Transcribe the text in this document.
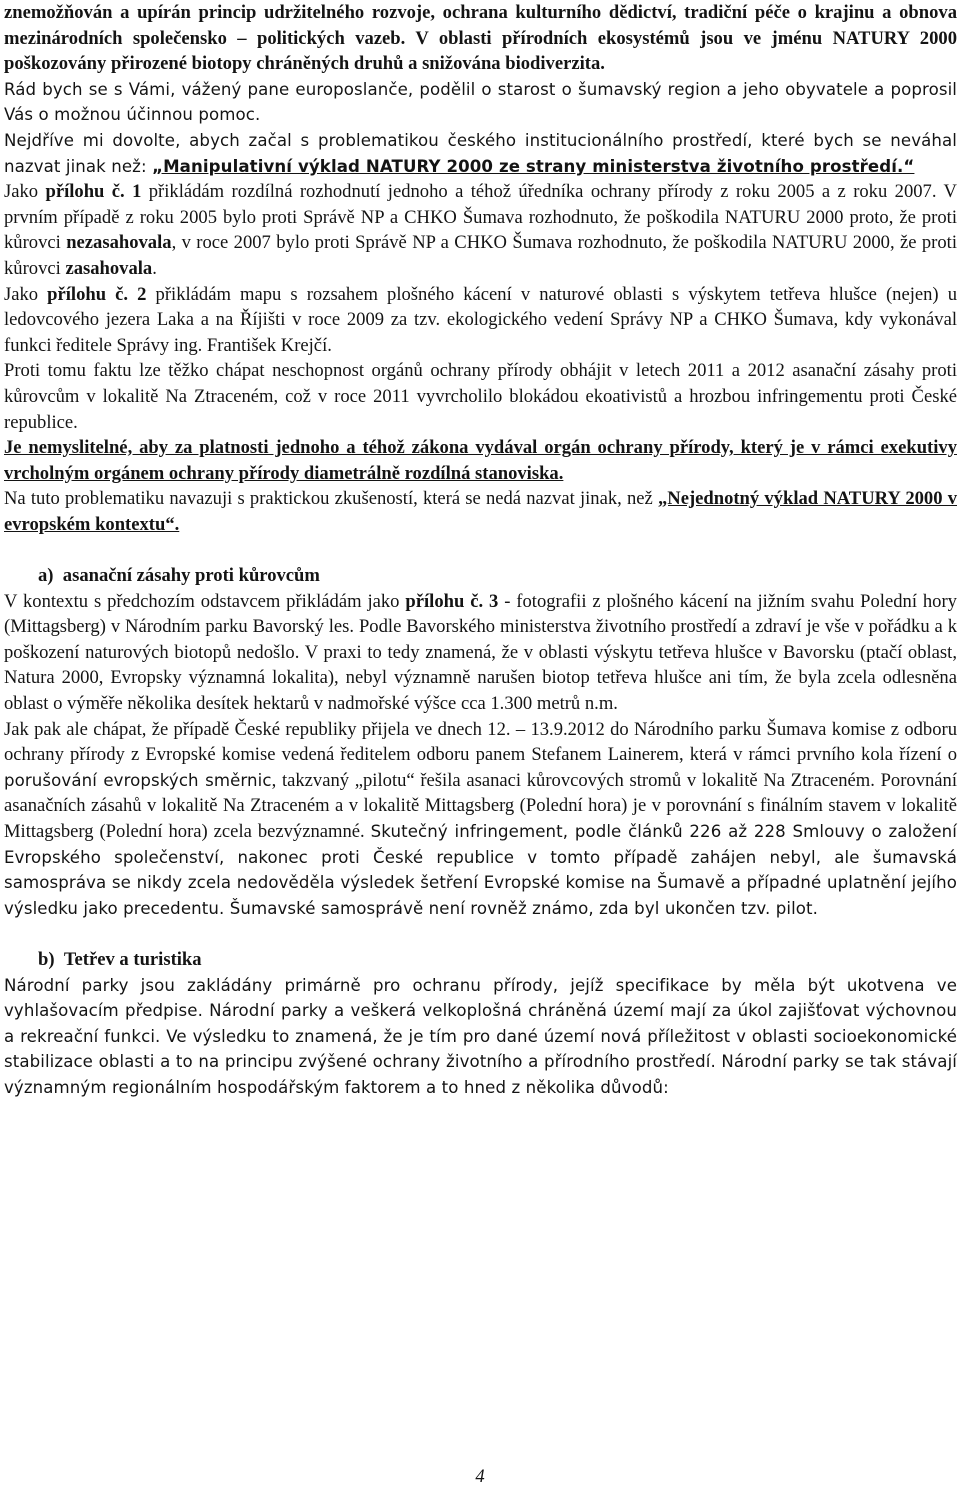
znemožňován a upírán princip udržitelného rozvoje, ochrana kulturního dědictví, tradiční péče o krajinu a obnova mezinárodních společensko – politických vazeb. V oblasti přírodních ekosystémů jsou ve jménu NATURY 2000 poškozovány přirozené biotopy chráněných druhů a snižována biodiverzita.

Rád bych se s Vámi, vážený pane europoslanče, podělil o starost o šumavský region a jeho obyvatele a poprosil Vás o možnou účinnou pomoc.

Nejdříve mi dovolte, abych začal s problematikou českého institucionálního prostředí, které bych se neváhal nazvat jinak než: „Manipulativní výklad NATURY 2000 ze strany ministerstva životního prostředí.“

Jako přílohu č. 1 přikládám rozdílná rozhodnutí jednoho a téhož úředníka ochrany přírody z roku 2005 a z roku 2007. V prvním případě z roku 2005 bylo proti Správě NP a CHKO Šumava rozhodnuto, že poškodila NATURU 2000 proto, že proti kůrovci nezasahovala, v roce 2007 bylo proti Správě NP a CHKO Šumava rozhodnuto, že poškodila NATURU 2000, že proti kůrovci zasahovala.

Jako přílohu č. 2 přikládám mapu s rozsahem plošného kácení v naturové oblasti s výskytem tetřeva hlušce (nejen) u ledovcového jezera Laka a na Říjišti v roce 2009 za tzv. ekologického vedení Správy NP a CHKO Šumava, kdy vykonával funkci ředitele Správy ing. František Krejčí.

Proti tomu faktu lze těžko chápat neschopnost orgánů ochrany přírody obhájit v letech 2011 a 2012 asanační zásahy proti kůrovcům v lokalitě Na Ztraceném, což v roce 2011 vyvrcholilo blokádou ekoativistů a hrozbou infringementu proti České republice.

Je nemyslitelné, aby za platnosti jednoho a téhož zákona vydával orgán ochrany přírody, který je v rámci exekutivy vrcholným orgánem ochrany přírody diametrálně rozdílná stanoviska.

Na tuto problematiku navazuji s praktickou zkušeností, která se nedá nazvat jinak, než „Nejednotný výklad NATURY 2000 v evropském kontextu“.

a) asanační zásahy proti kůrovcům

V kontextu s předchozím odstavcem přikládám jako přílohu č. 3 - fotografii z plošného kácení na jižním svahu Polední hory (Mittagsberg) v Národním parku Bavorský les. Podle Bavorského ministerstva životního prostředí a zdraví je vše v pořádku a k poškození naturových biotopů nedošlo. V praxi to tedy znamená, že v oblasti výskytu tetřeva hlušce v Bavorsku (ptačí oblast, Natura 2000, Evropsky významná lokalita), nebyl významně narušen biotop tetřeva hlušce ani tím, že byla zcela odlesněna oblast o výměře několika desítek hektarů v nadmořské výšce cca 1.300 metrů n.m.

Jak pak ale chápat, že případě České republiky přijela ve dnech 12. – 13.9.2012 do Národního parku Šumava komise z odboru ochrany přírody z Evropské komise vedená ředitelem odboru panem Stefanem Lainerem, která v rámci prvního kola řízení o porušování evropských směrnic, takzvaný „pilotu“ řešila asanaci kůrovcových stromů v lokalitě Na Ztraceném. Porovnání asanačních zásahů v lokalitě Na Ztraceném a v lokalitě Mittagsberg (Polední hora) je v porovnání s finálním stavem v lokalitě Mittagsberg (Polední hora) zcela bezvýznamné. Skutečný infringement, podle článků 226 až 228 Smlouvy o založení Evropského společenství, nakonec proti České republice v tomto případě zahájen nebyl, ale šumavská samospráva se nikdy zcela nedověděla výsledek šetření Evropské komise na Šumavě a případné uplatnění jejího výsledku jako precedentu. Šumavské samosprávě není rovněž známo, zda byl ukončen tzv. pilot.

b) Tetřev a turistika

Národní parky jsou zakládány primárně pro ochranu přírody, jejíž specifikace by měla být ukotvena ve vyhlašovacím předpise. Národní parky a veškerá velkoplošná chráněná území mají za úkol zajišťovat výchovnou a rekreační funkci. Ve výsledku to znamená, že je tím pro dané území nová příležitost v oblasti socioekonomické stabilizace oblasti a to na principu zvýšené ochrany životního a přírodního prostředí. Národní parky se tak stávají významným regionálním hospodářským faktorem a to hned z několika důvodů:

4
